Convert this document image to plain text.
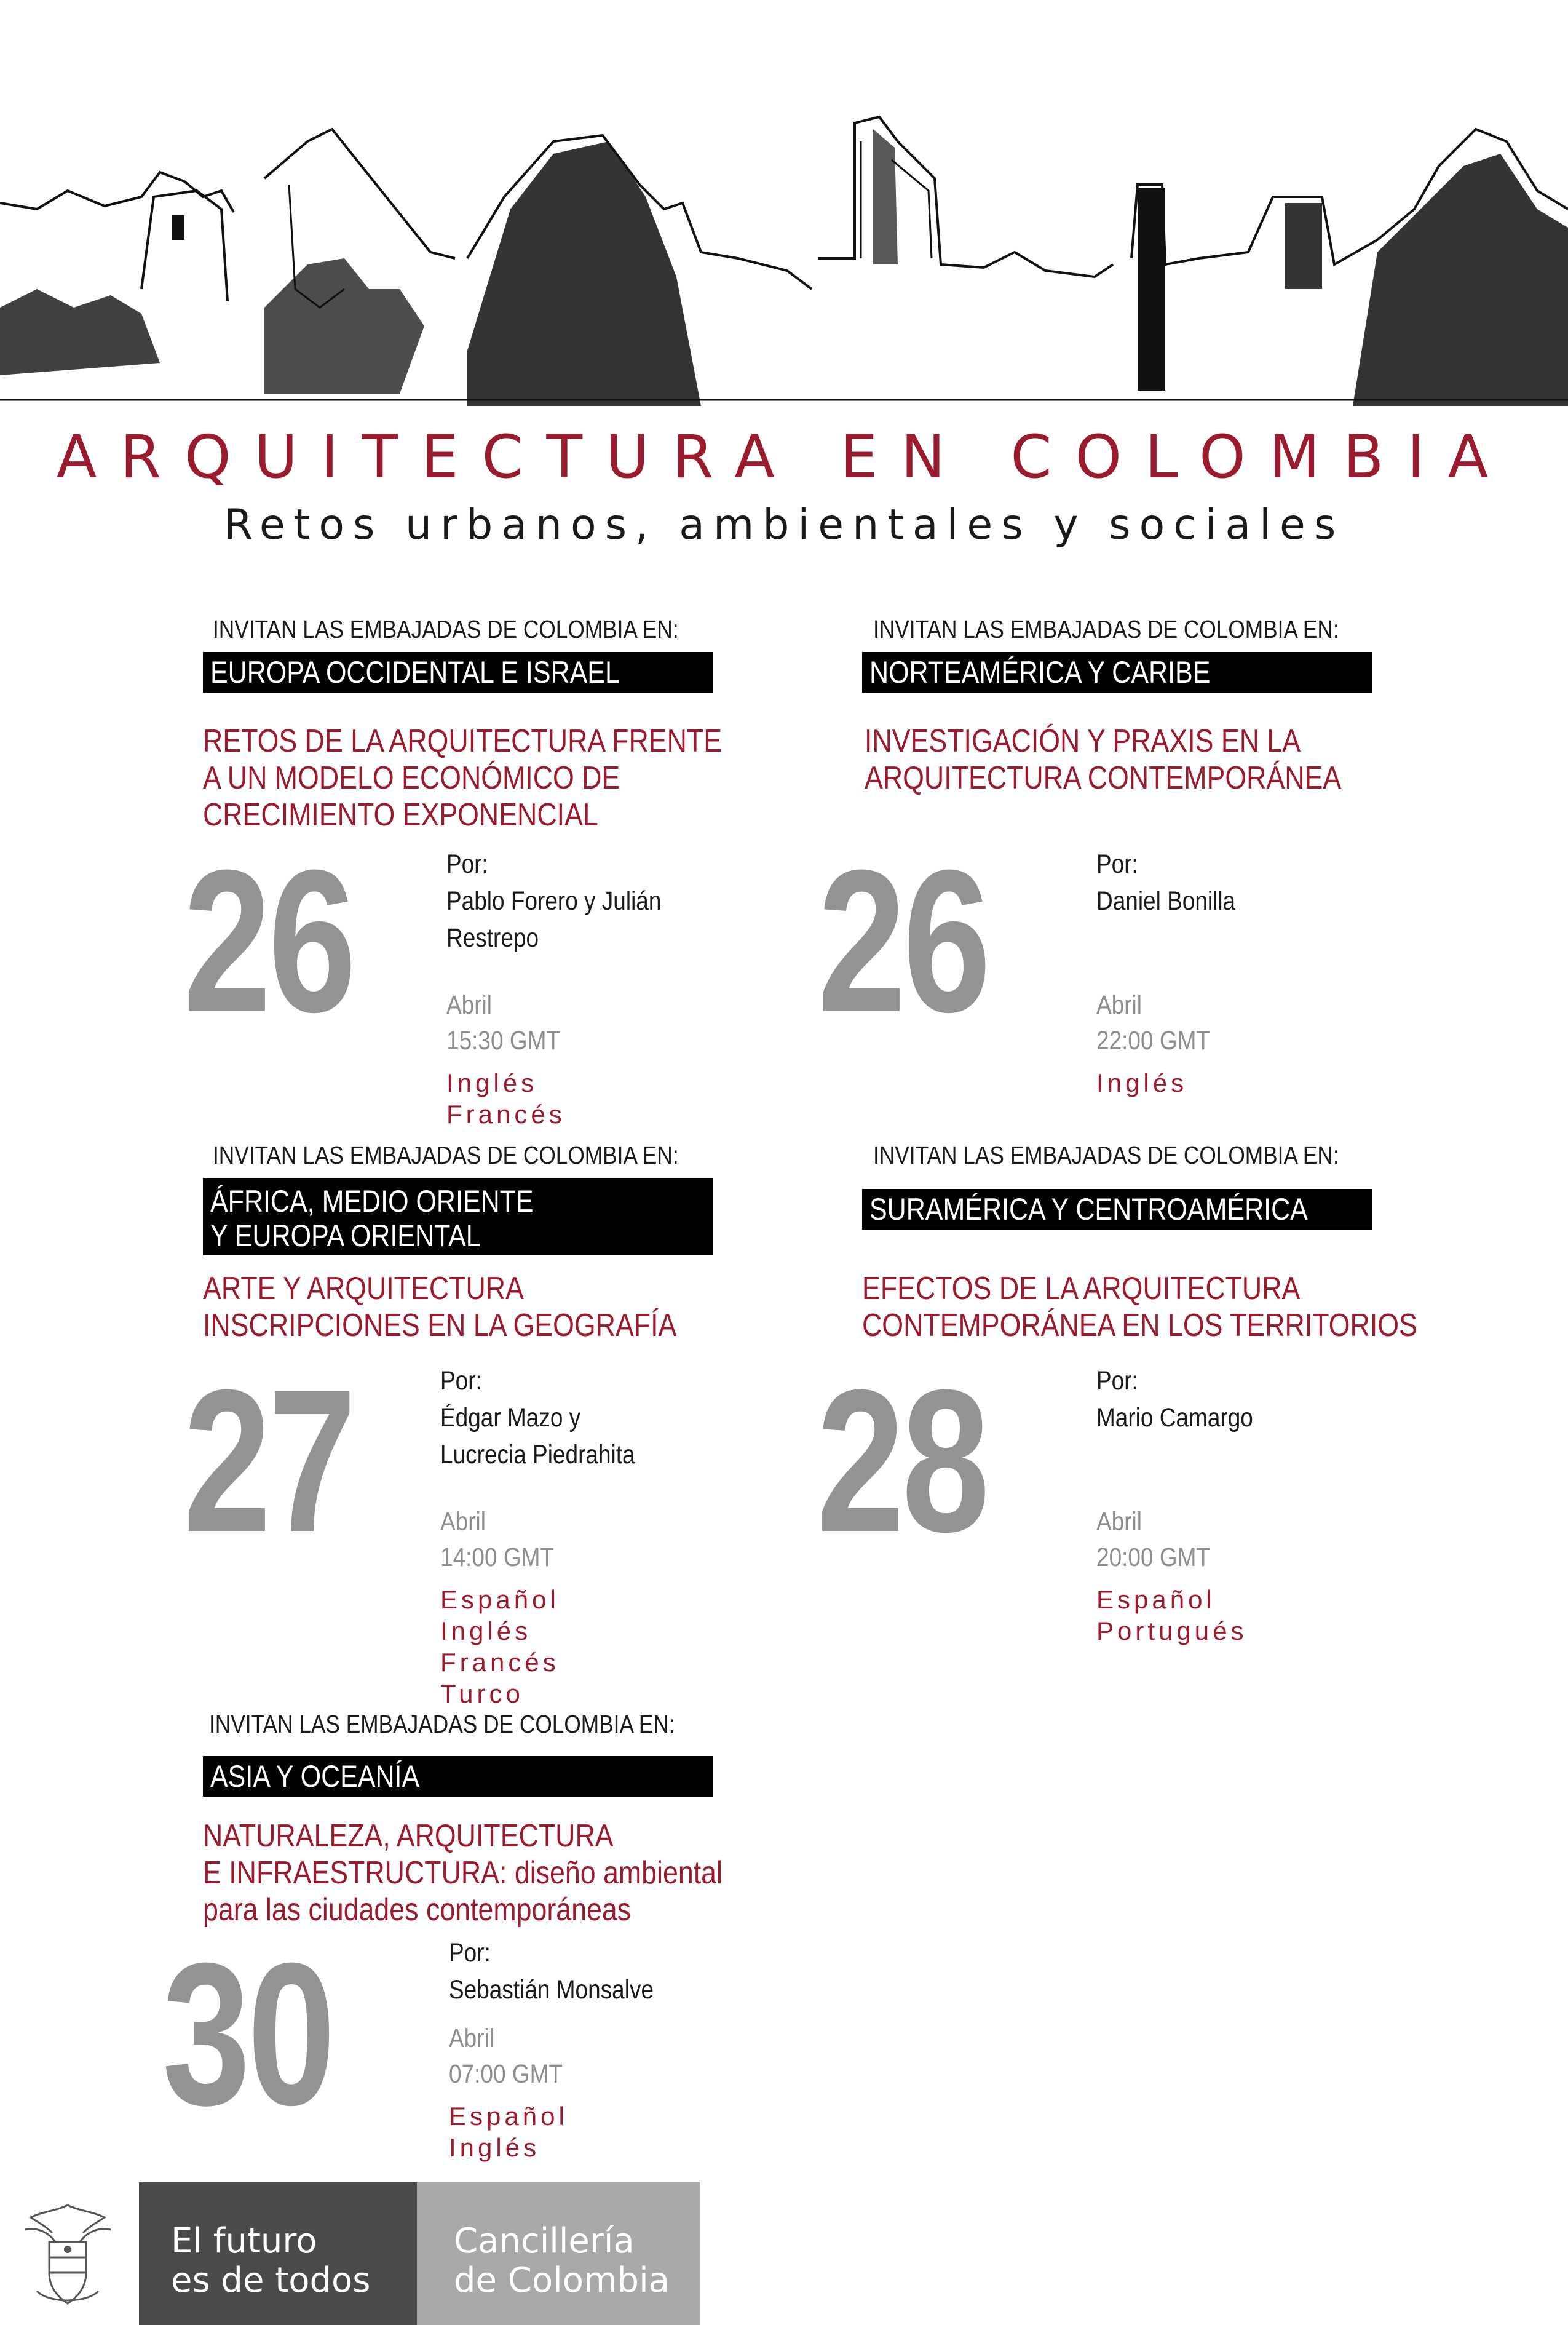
ARQUITECTURA EN COLOMBIA
Retos urbanos, ambientales y sociales
INVITAN LAS EMBAJADAS DE COLOMBIA EN:
EUROPA OCCIDENTAL E ISRAEL
RETOS DE LA ARQUITECTURA FRENTE
A UN MODELO ECONÓMICO DE
CRECIMIENTO EXPONENCIAL
26	Por:
Pablo Forero y Julián
Restrepo
Abril
15:30 GMT
Inglés
Francés
INVITAN LAS EMBAJADAS DE COLOMBIA EN:
NORTEAMÉRICA Y CARIBE
INVESTIGACIÓN Y PRAXIS EN LA
ARQUITECTURA CONTEMPORÁNEA
26	Por:
Daniel Bonilla
Abril
22:00 GMT
Inglés
INVITAN LAS EMBAJADAS DE COLOMBIA EN:
ÁFRICA, MEDIO ORIENTE
Y EUROPA ORIENTAL
ARTE Y ARQUITECTURA
INSCRIPCIONES EN LA GEOGRAFÍA
27	Por:
Édgar Mazo y
Lucrecia Piedrahita
Abril
14:00 GMT
Español
Inglés
Francés
Turco
INVITAN LAS EMBAJADAS DE COLOMBIA EN:
SURAMÉRICA Y CENTROAMÉRICA
EFECTOS DE LA ARQUITECTURA
CONTEMPORÁNEA EN LOS TERRITORIOS
28	Por:
Mario Camargo
Abril
20:00 GMT
Español
Portugués
INVITAN LAS EMBAJADAS DE COLOMBIA EN:
ASIA Y OCEANÍA
NATURALEZA, ARQUITECTURA
E INFRAESTRUCTURA: diseño ambiental
para las ciudades contemporáneas
30	Por:
Sebastián Monsalve
Abril
07:00 GMT
Español
Inglés
El futuro
es de todos
Cancillería
de Colombia
